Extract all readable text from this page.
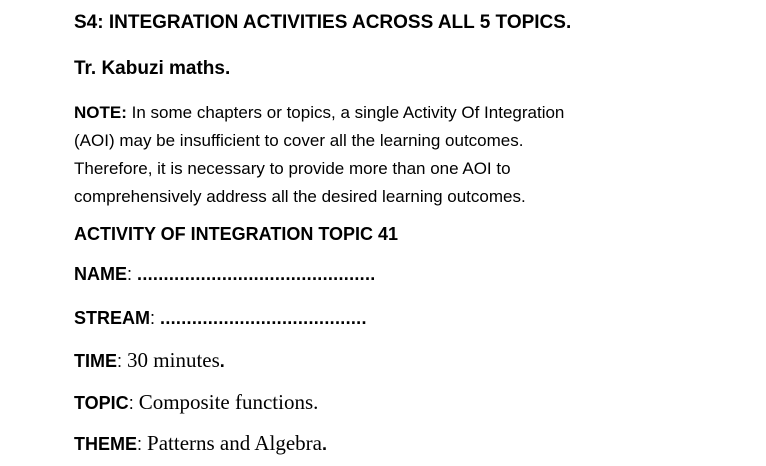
S4: INTEGRATION ACTIVITIES ACROSS ALL 5 TOPICS.
Tr. Kabuzi maths.
NOTE: In some chapters or topics, a single Activity Of Integration
(AOI) may be insufficient to cover all the learning outcomes.
Therefore, it is necessary to provide more than one AOI to
comprehensively address all the desired learning outcomes.
ACTIVITY OF INTEGRATION TOPIC 41
NAME: .............................................
STREAM: .......................................
TIME: 30 minutes.
TOPIC: Composite functions.
THEME: Patterns and Algebra.
